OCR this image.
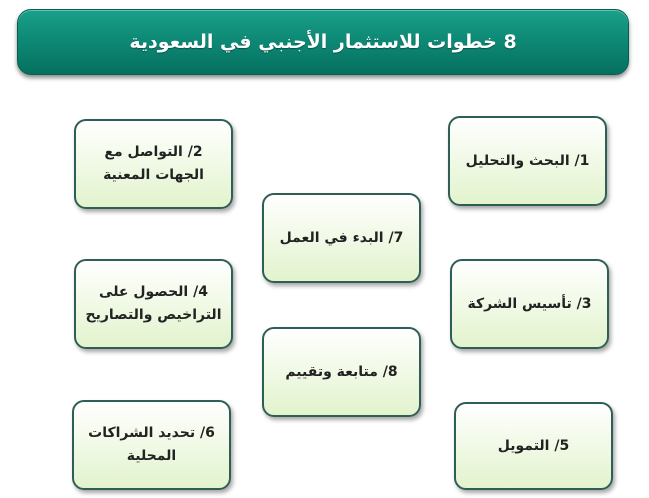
8 خطوات للاستثمار الأجنبي في السعودية
1/ البحث والتحليل
2/ التواصل مع
الجهات المعنية
3/ تأسيس الشركة
4/ الحصول على
التراخيص والتصاريح
5/ التمويل
6/ تحديد الشراكات
المحلية
7/ البدء في العمل
8/ متابعة وتقييم
